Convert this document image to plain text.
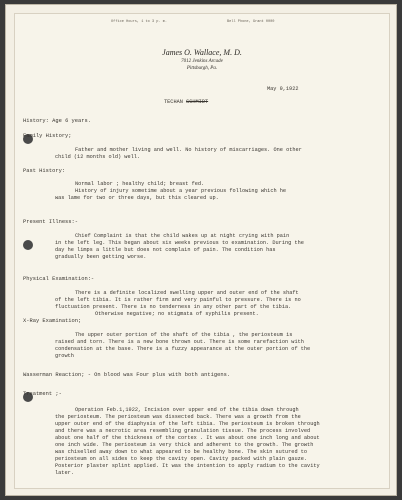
Office Hours, 1 to 3 p. m.	Bell Phone, Grant 0000
James O. Wallace, M. D.
7012 Jenkins Arcade
Pittsburgh, Pa.
May 9,1922
TECHAN SCHMIDT
History: Age 6 years.
Family History;
Father and mother living and well. No history of miscarriages. One other
child (12 months old) well.
Past History:
Normal labor ; healthy child; breast fed.
History of injury sometime about a year previous following which he
was lame for two or three days, but this cleared up.
Present Illness:-
Chief Complaint is that the child wakes up at night crying with pain
in the left leg. This began about six weeks previous to examination. During the
day he limps a little but does not complain of pain. The condition has
gradually been getting worse.
Physical Examination:-
There is a definite localized swelling upper and outer end of the shaft
of the left tibia. It is rather firm and very painful to pressure. There is no
fluctuation present. There is no tenderness in any other part of the tibia.
Otherwise negative; no stigmata of syphilis present.
X-Ray Examination;
The upper outer portion of the shaft of the tibia , the periosteum is
raised and torn. There is a new bone thrown out. There is some rarefaction with
condensation at the base. There is a fuzzy appearance at the outer portion of the
growth
Wasserman Reaction; - On blood was Four plus with both antigens.
Treatment ;-
Operation Feb.1,1922, Incision over upper end of the tibia down through
the periosteum. The periosteum was dissected back. There was a growth from the
upper outer end of the diaphysis of the left tibia. The periosteum is broken through
and there was a necrotic area resembling granulation tissue. The process involved
about one half of the thickness of the cortex . It was about one inch long and about
one inch wide. The periosteum is very thick and adherent to the growth. The growth
was chiselled away down to what appeared to be healthy bone. The skin sutured to
periosteum on all sides to keep the cavity open. Cavity packed with plain gauze.
Posterior plaster splint applied. It was the intention to apply radium to the cavity
later.
